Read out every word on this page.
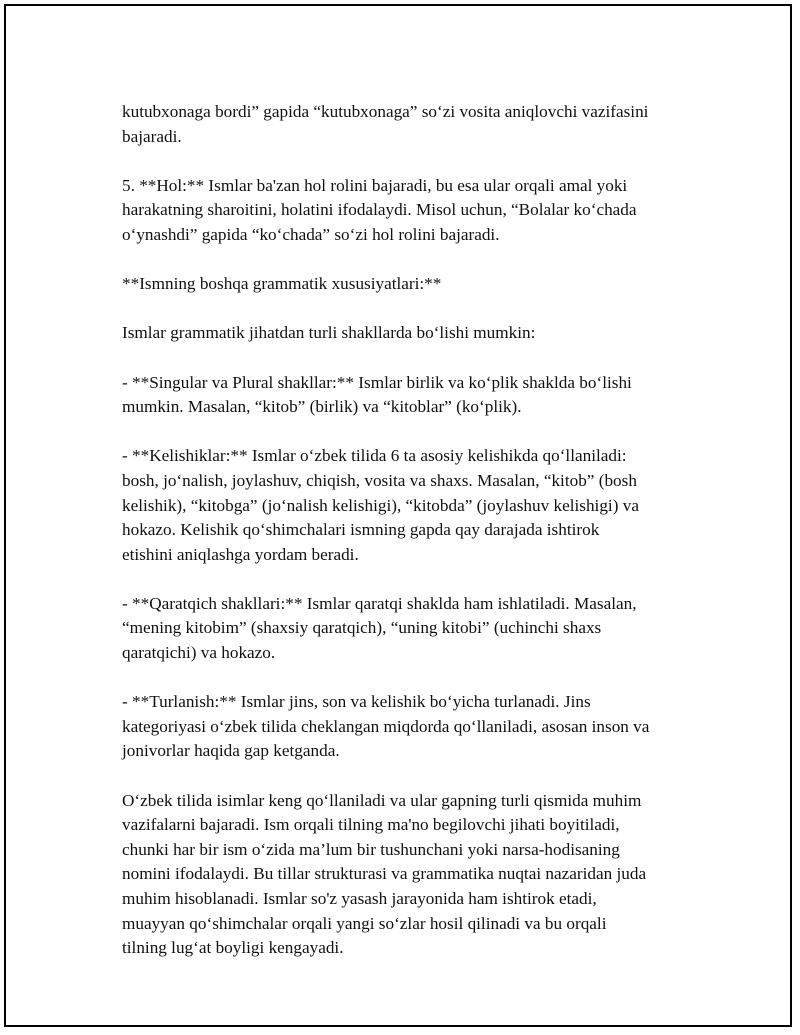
kutubxonaga bordi” gapida “kutubxonaga” so‘zi vosita aniqlovchi vazifasini
bajaradi.
5. **Hol:** Ismlar ba'zan hol rolini bajaradi, bu esa ular orqali amal yoki
harakatning sharoitini, holatini ifodalaydi. Misol uchun, “Bolalar ko‘chada
o‘ynashdi” gapida “ko‘chada” so‘zi hol rolini bajaradi.
**Ismning boshqa grammatik xususiyatlari:**
Ismlar grammatik jihatdan turli shakllarda bo‘lishi mumkin:
- **Singular va Plural shakllar:** Ismlar birlik va ko‘plik shaklda bo‘lishi
mumkin. Masalan, “kitob” (birlik) va “kitoblar” (ko‘plik).
- **Kelishiklar:** Ismlar o‘zbek tilida 6 ta asosiy kelishikda qo‘llaniladi:
bosh, jo‘nalish, joylashuv, chiqish, vosita va shaxs. Masalan, “kitob” (bosh
kelishik), “kitobga” (jo‘nalish kelishigi), “kitobda” (joylashuv kelishigi) va
hokazo. Kelishik qo‘shimchalari ismning gapda qay darajada ishtirok
etishini aniqlashga yordam beradi.
- **Qaratqich shakllari:** Ismlar qaratqi shaklda ham ishlatiladi. Masalan,
“mening kitobim” (shaxsiy qaratqich), “uning kitobi” (uchinchi shaxs
qaratqichi) va hokazo.
- **Turlanish:** Ismlar jins, son va kelishik bo‘yicha turlanadi. Jins
kategoriyasi o‘zbek tilida cheklangan miqdorda qo‘llaniladi, asosan inson va
jonivorlar haqida gap ketganda.
O‘zbek tilida isimlar keng qo‘llaniladi va ular gapning turli qismida muhim
vazifalarni bajaradi. Ism orqali tilning ma'no begilovchi jihati boyitiladi,
chunki har bir ism o‘zida ma’lum bir tushunchani yoki narsa-hodisaning
nomini ifodalaydi. Bu tillar strukturasi va grammatika nuqtai nazaridan juda
muhim hisoblanadi. Ismlar so'z yasash jarayonida ham ishtirok etadi,
muayyan qo‘shimchalar orqali yangi so‘zlar hosil qilinadi va bu orqali
tilning lug‘at boyligi kengayadi.
